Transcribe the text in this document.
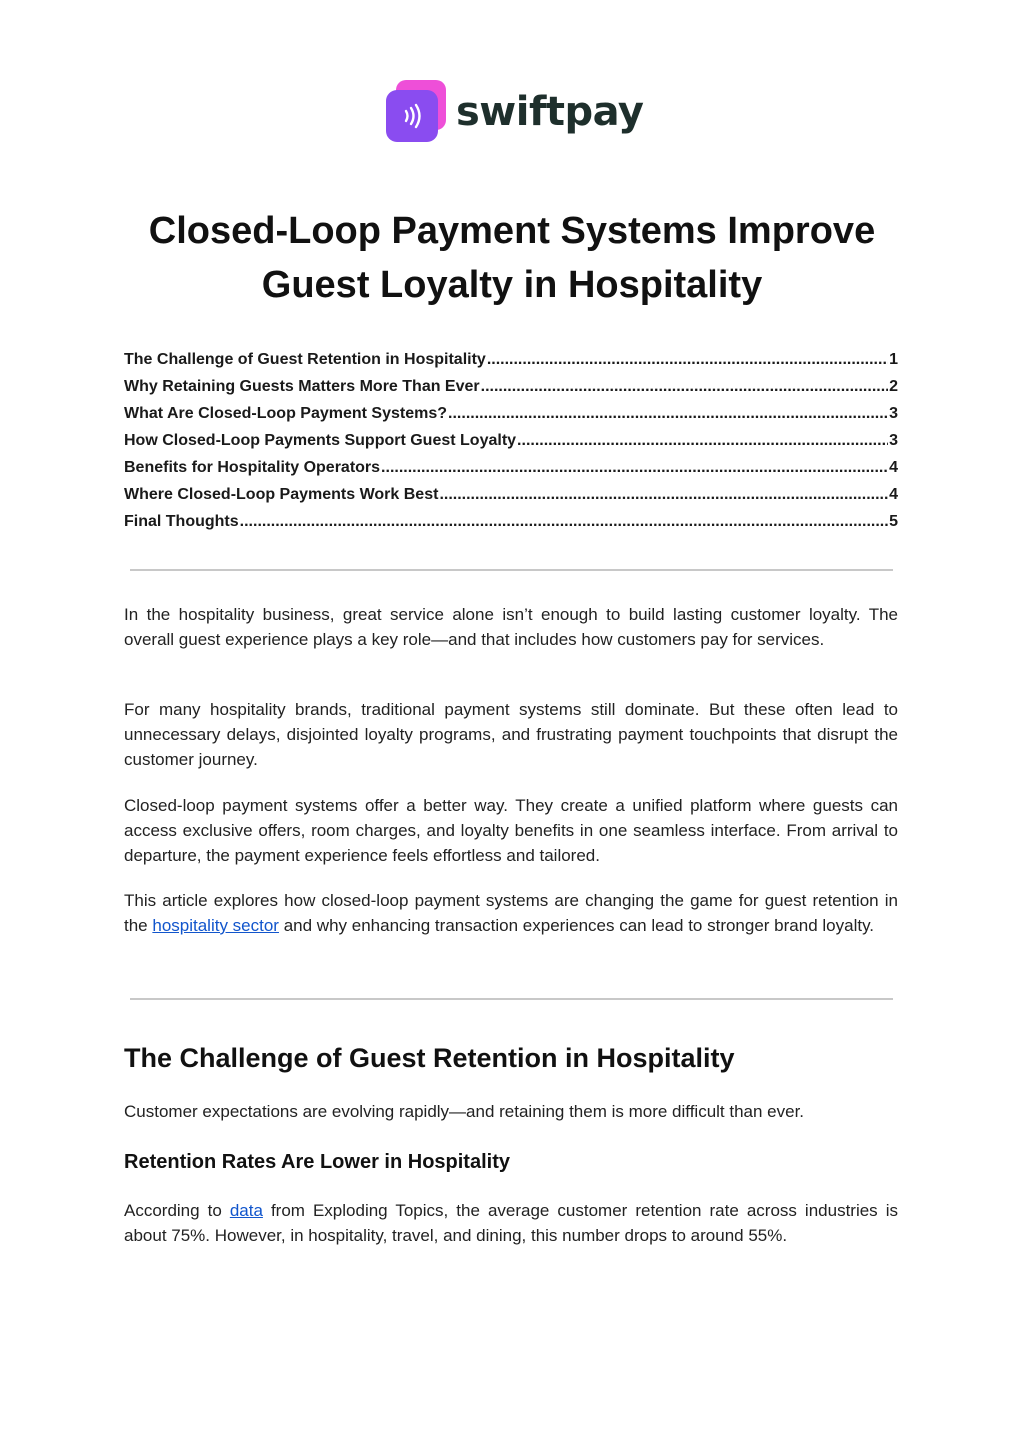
swiftpay
Closed-Loop Payment Systems Improve Guest Loyalty in Hospitality
The Challenge of Guest Retention in Hospitality .....	1
Why Retaining Guests Matters More Than Ever .....	2
What Are Closed-Loop Payment Systems? .....	3
How Closed-Loop Payments Support Guest Loyalty .....	3
Benefits for Hospitality Operators .....	4
Where Closed-Loop Payments Work Best .....	4
Final Thoughts .....	5

In the hospitality business, great service alone isn’t enough to build lasting customer loyalty. The overall guest experience plays a key role—and that includes how customers pay for services.

For many hospitality brands, traditional payment systems still dominate. But these often lead to unnecessary delays, disjointed loyalty programs, and frustrating payment touchpoints that disrupt the customer journey.

Closed-loop payment systems offer a better way. They create a unified platform where guests can access exclusive offers, room charges, and loyalty benefits in one seamless interface. From arrival to departure, the payment experience feels effortless and tailored.

This article explores how closed-loop payment systems are changing the game for guest retention in the hospitality sector and why enhancing transaction experiences can lead to stronger brand loyalty.

The Challenge of Guest Retention in Hospitality

Customer expectations are evolving rapidly—and retaining them is more difficult than ever.

Retention Rates Are Lower in Hospitality

According to data from Exploding Topics, the average customer retention rate across industries is about 75%. However, in hospitality, travel, and dining, this number drops to around 55%.
